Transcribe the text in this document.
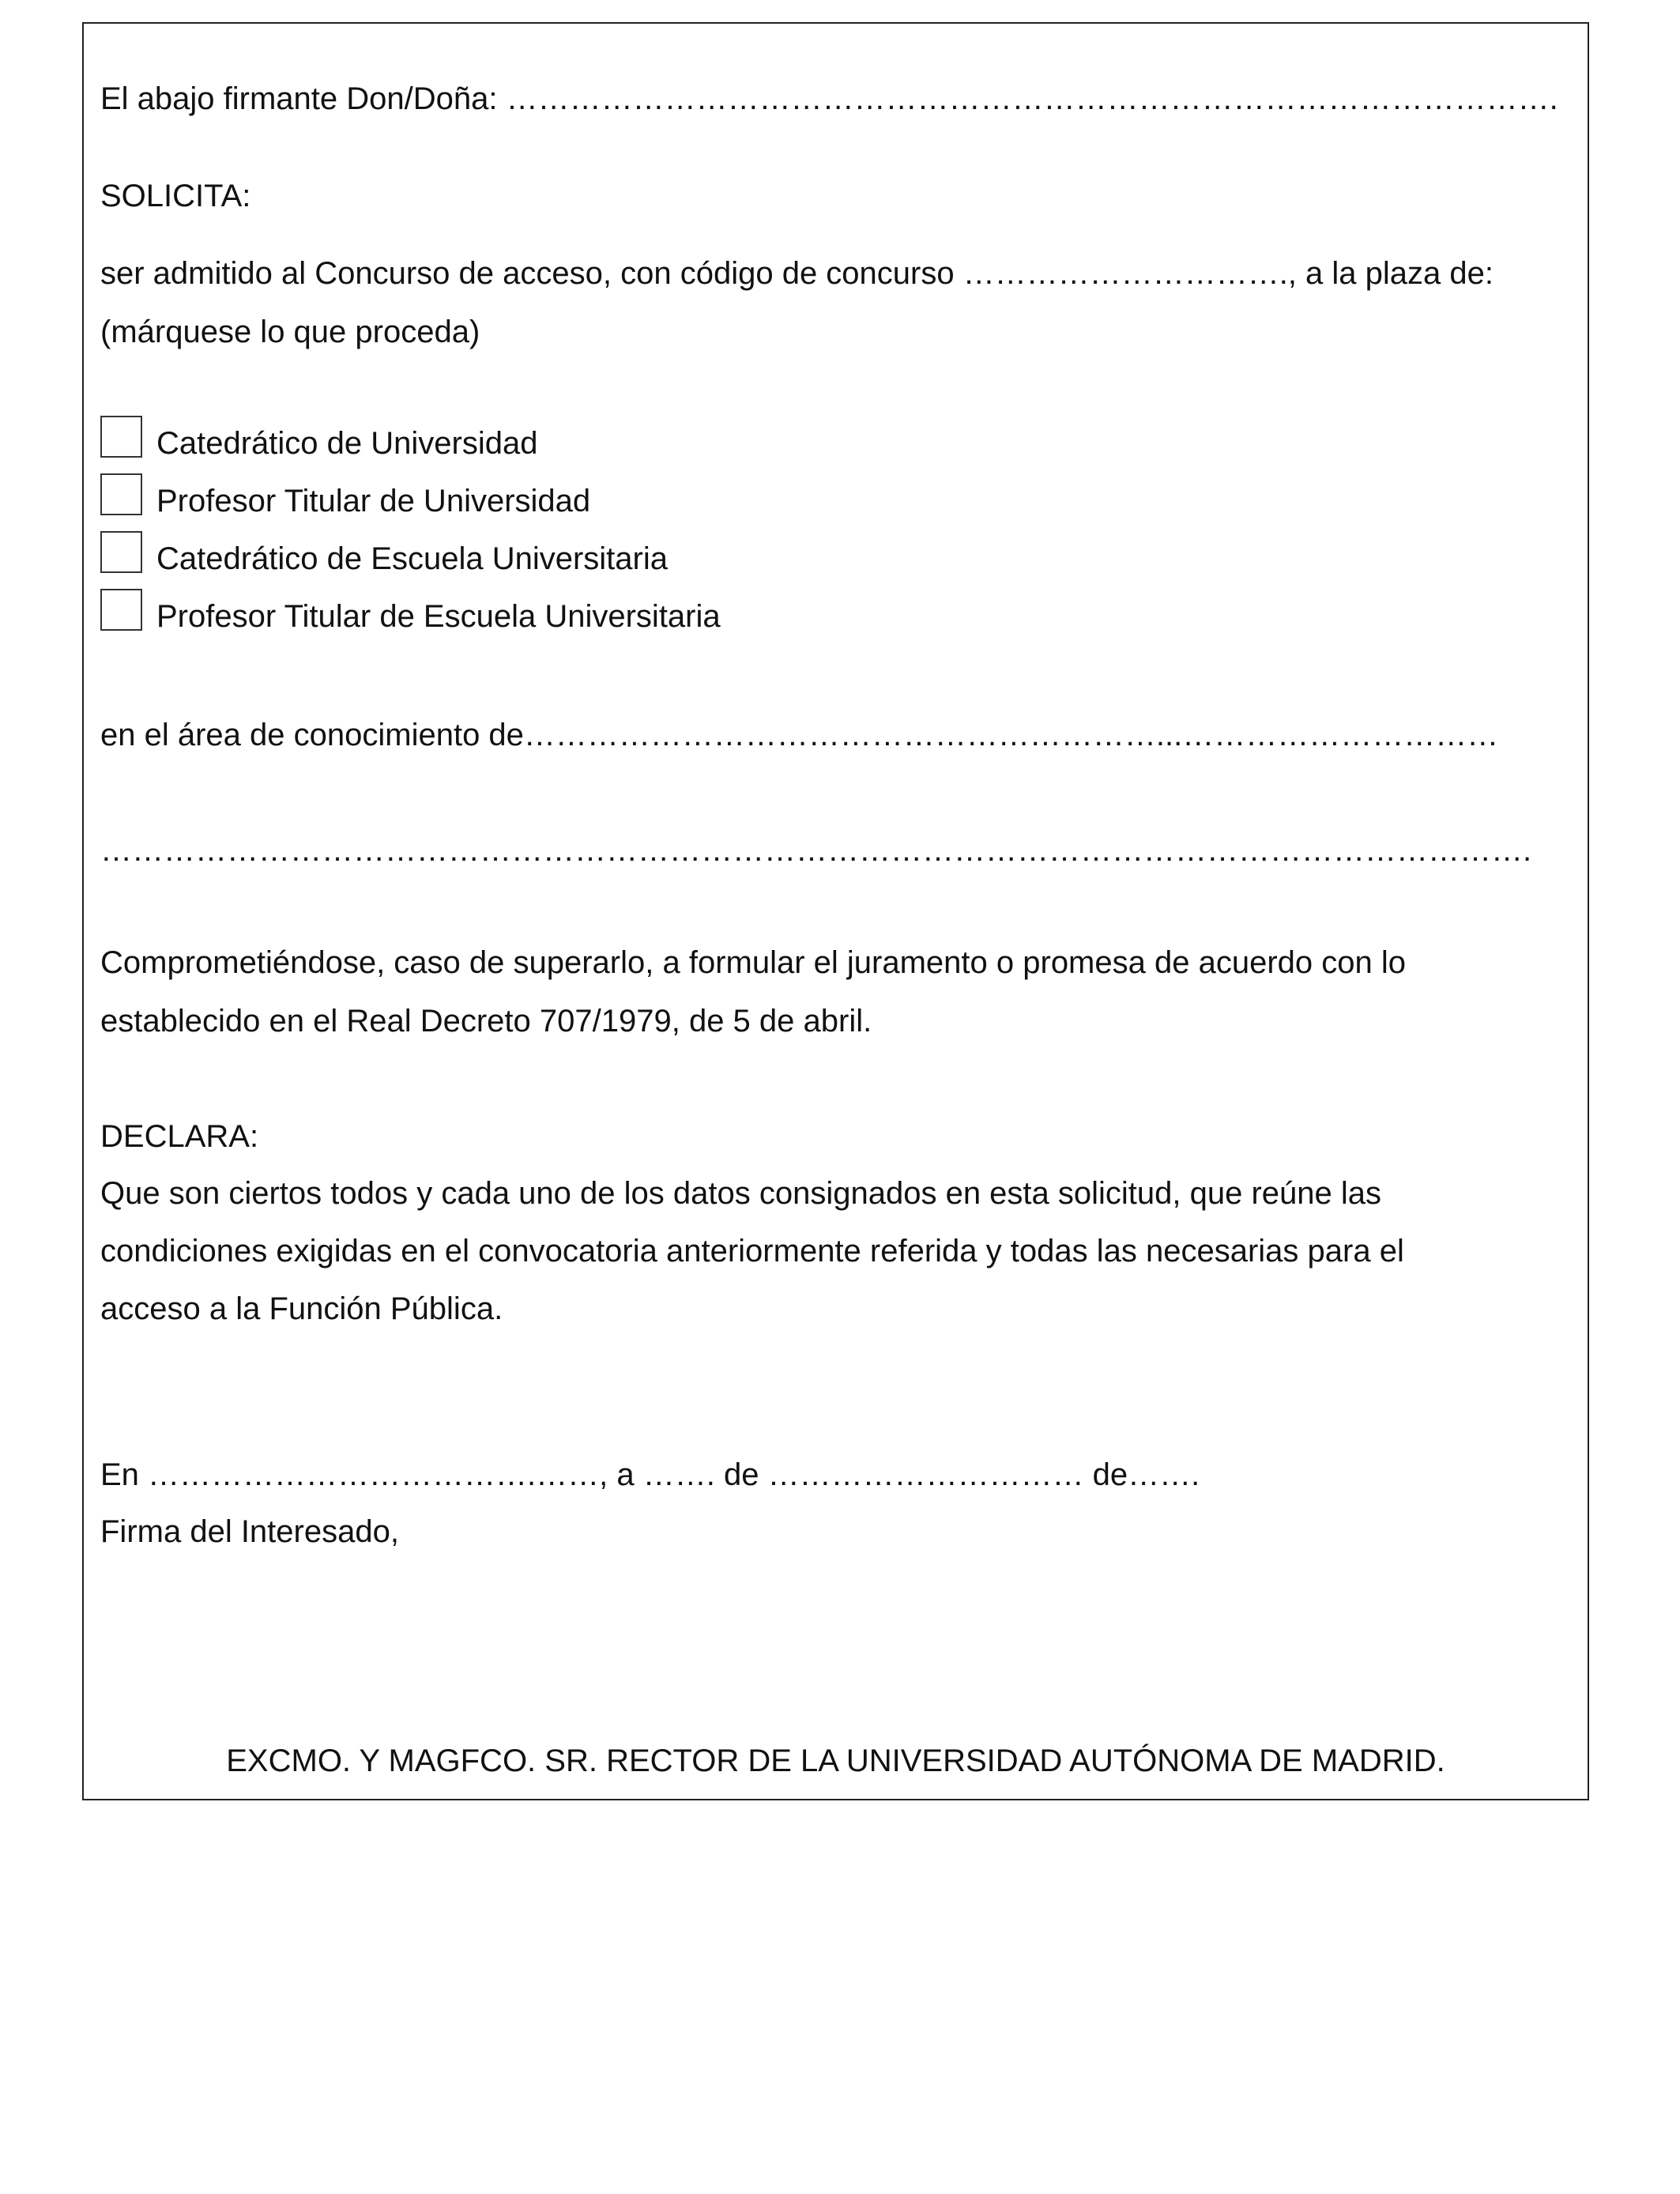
El abajo firmante Don/Doña: ……………………………………………………………………………………….
SOLICITA:
ser admitido al Concurso de acceso, con código de concurso …………………………., a la plaza de:
(márquese lo que proceda)
Catedrático de Universidad
Profesor Titular de Universidad
Catedrático de Escuela Universitaria
Profesor Titular de Escuela Universitaria
en el área de conocimiento de……………………………………………………...…………………………
……………………………………………………………………………………………………………………….
Comprometiéndose, caso de superarlo, a formular el juramento o promesa de acuerdo con lo
establecido en el Real Decreto 707/1979, de 5 de abril.
DECLARA:
Que son ciertos todos y cada uno de los datos consignados en esta solicitud, que reúne las
condiciones exigidas en el convocatoria anteriormente referida y todas las necesarias para el
acceso a la Función Pública.
En ……………………………….……, a ……. de ………………………… de…….
Firma del Interesado,
EXCMO. Y MAGFCO. SR. RECTOR DE LA UNIVERSIDAD AUTÓNOMA DE MADRID.
